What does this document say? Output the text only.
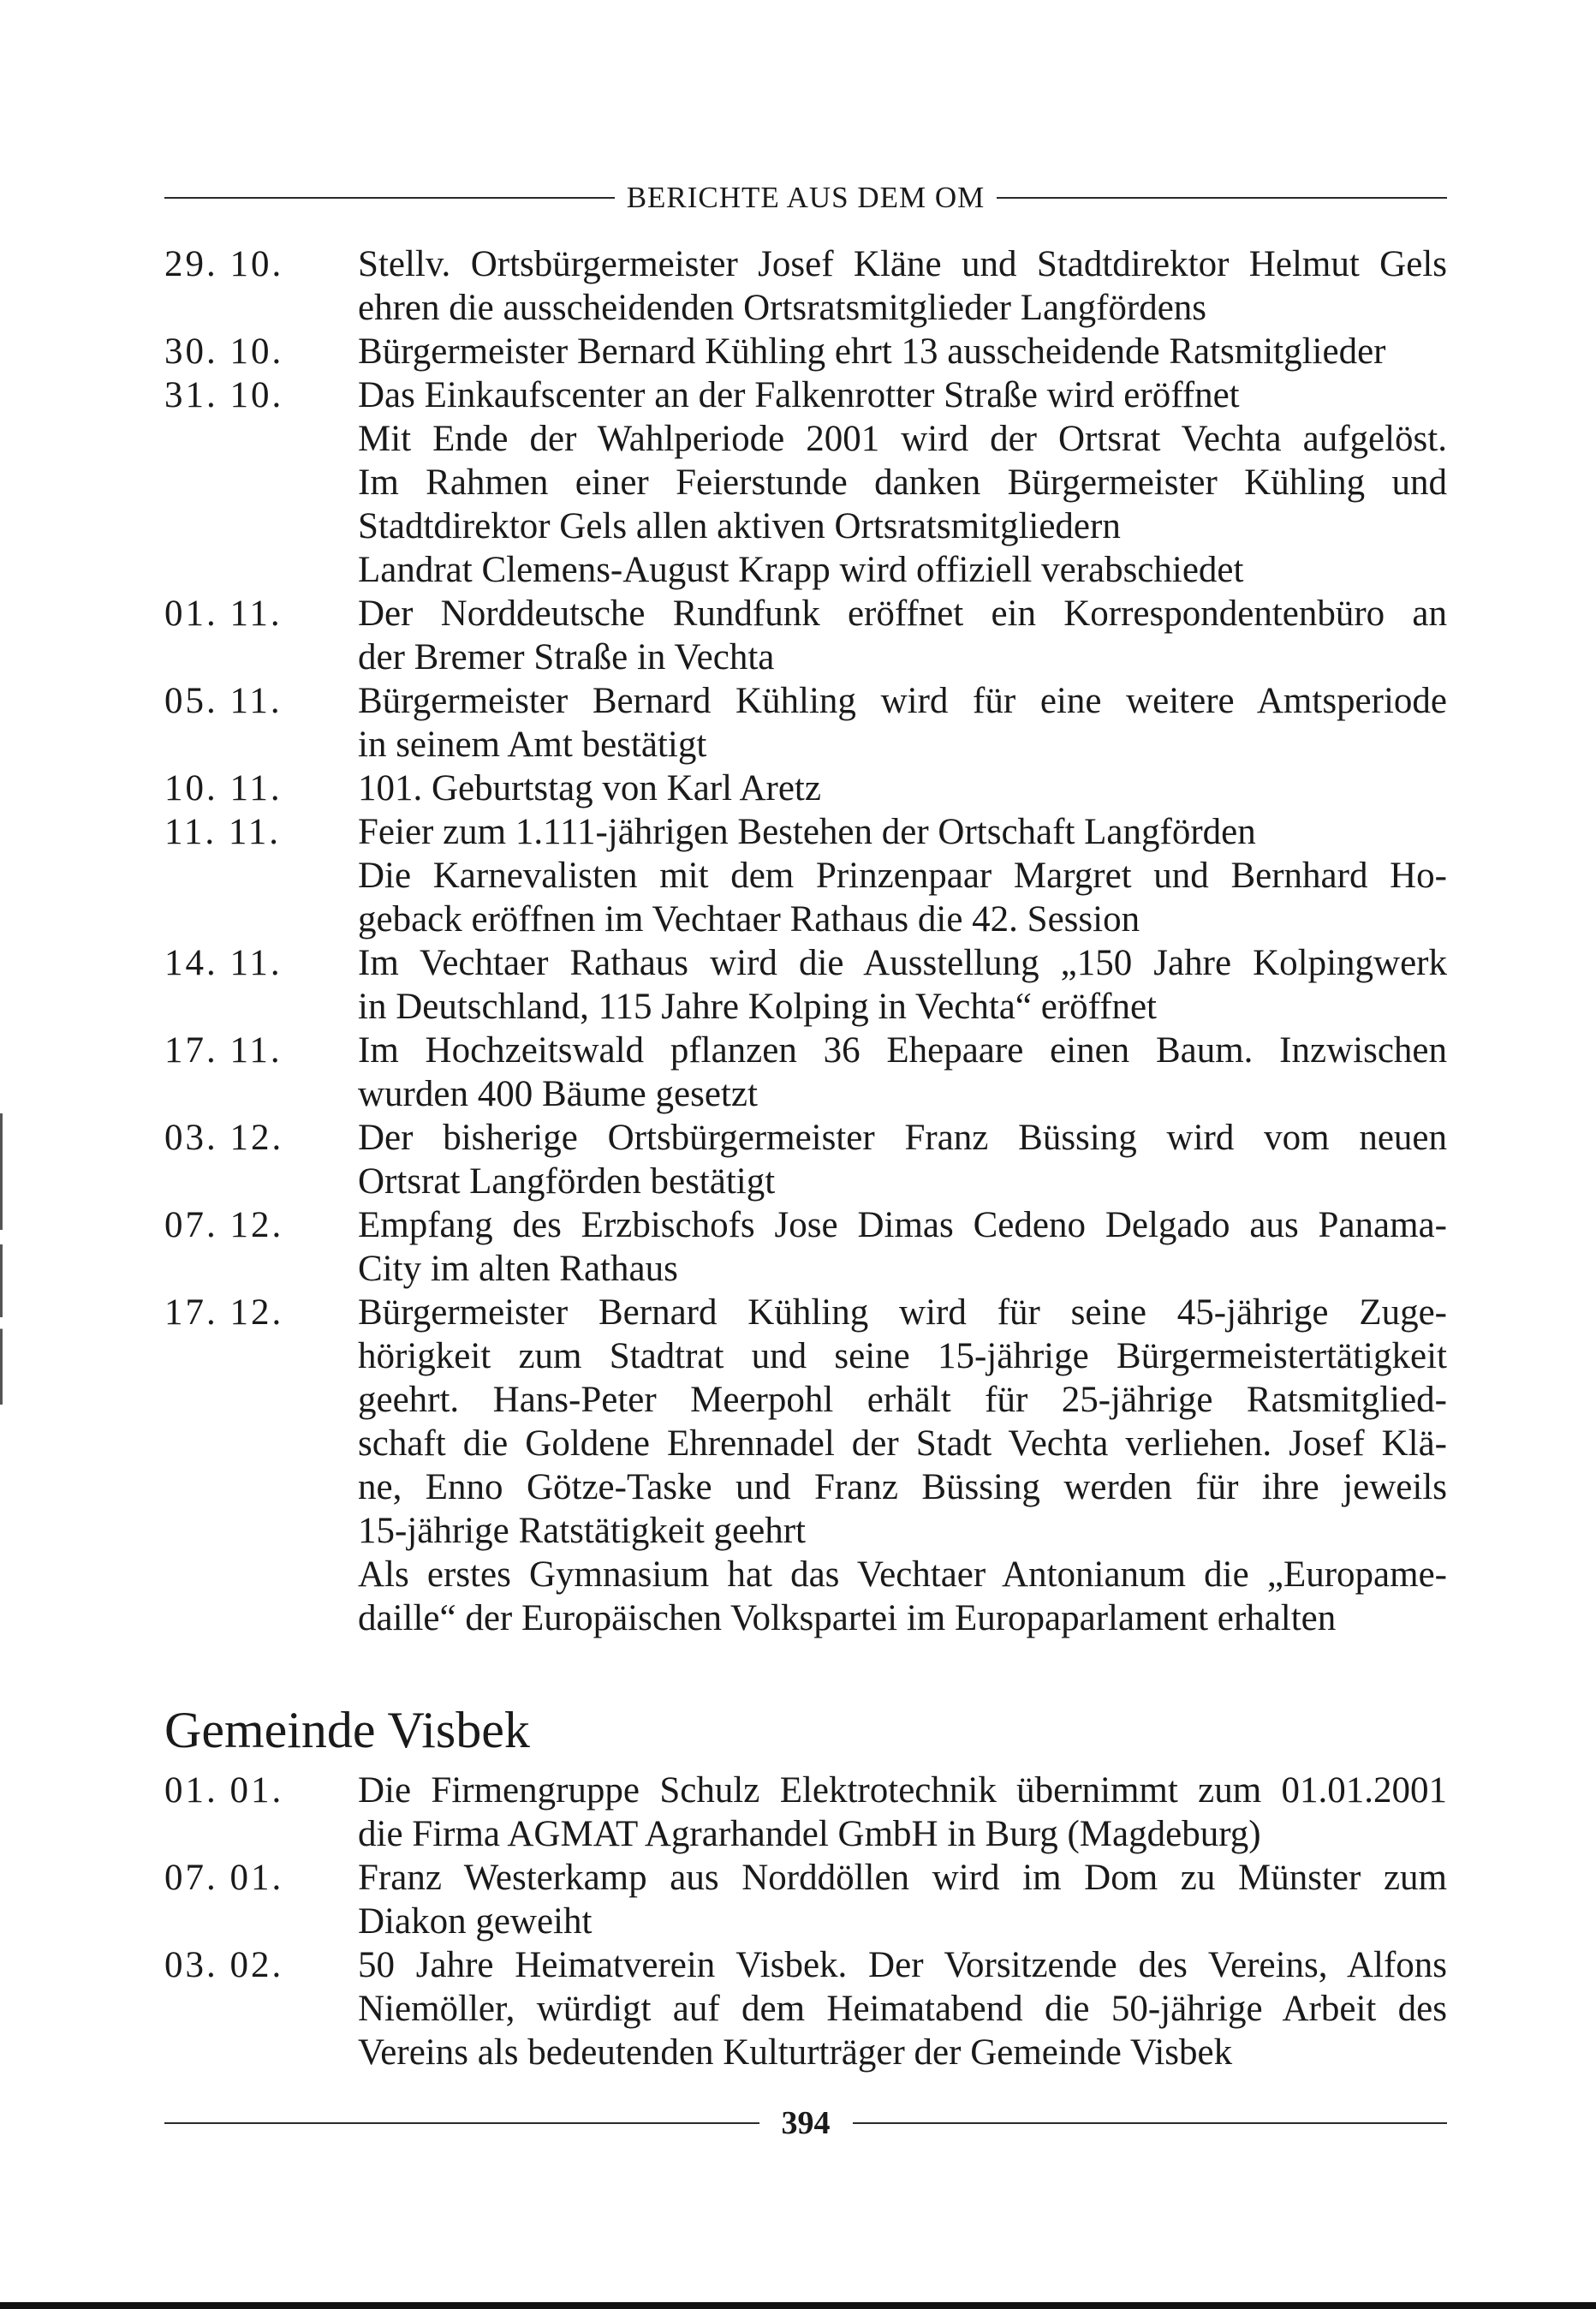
BERICHTE AUS DEM OM
29. 10.	Stellv. Ortsbürgermeister Josef Kläne und Stadtdirektor Helmut Gels
ehren die ausscheidenden Ortsratsmitglieder Langfördens
30. 10.	Bürgermeister Bernard Kühling ehrt 13 ausscheidende Ratsmitglieder
31. 10.	Das Einkaufscenter an der Falkenrotter Straße wird eröffnet
Mit Ende der Wahlperiode 2001 wird der Ortsrat Vechta aufgelöst.
Im Rahmen einer Feierstunde danken Bürgermeister Kühling und
Stadtdirektor Gels allen aktiven Ortsratsmitgliedern
Landrat Clemens-August Krapp wird offiziell verabschiedet
01. 11.	Der Norddeutsche Rundfunk eröffnet ein Korrespondentenbüro an
der Bremer Straße in Vechta
05. 11.	Bürgermeister Bernard Kühling wird für eine weitere Amtsperiode
in seinem Amt bestätigt
10. 11.	101. Geburtstag von Karl Aretz
11. 11.	Feier zum 1.111-jährigen Bestehen der Ortschaft Langförden
Die Karnevalisten mit dem Prinzenpaar Margret und Bernhard Ho-
geback eröffnen im Vechtaer Rathaus die 42. Session
14. 11.	Im Vechtaer Rathaus wird die Ausstellung „150 Jahre Kolpingwerk
in Deutschland, 115 Jahre Kolping in Vechta“ eröffnet
17. 11.	Im Hochzeitswald pflanzen 36 Ehepaare einen Baum. Inzwischen
wurden 400 Bäume gesetzt
03. 12.	Der bisherige Ortsbürgermeister Franz Büssing wird vom neuen
Ortsrat Langförden bestätigt
07. 12.	Empfang des Erzbischofs Jose Dimas Cedeno Delgado aus Panama-
City im alten Rathaus
17. 12.	Bürgermeister Bernard Kühling wird für seine 45-jährige Zuge-
hörigkeit zum Stadtrat und seine 15-jährige Bürgermeistertätigkeit
geehrt. Hans-Peter Meerpohl erhält für 25-jährige Ratsmitglied-
schaft die Goldene Ehrennadel der Stadt Vechta verliehen. Josef Klä-
ne, Enno Götze-Taske und Franz Büssing werden für ihre jeweils
15-jährige Ratstätigkeit geehrt
Als erstes Gymnasium hat das Vechtaer Antonianum die „Europame-
daille“ der Europäischen Volkspartei im Europaparlament erhalten
Gemeinde Visbek
01. 01.	Die Firmengruppe Schulz Elektrotechnik übernimmt zum 01.01.2001
die Firma AGMAT Agrarhandel GmbH in Burg (Magdeburg)
07. 01.	Franz Westerkamp aus Norddöllen wird im Dom zu Münster zum
Diakon geweiht
03. 02.	50 Jahre Heimatverein Visbek. Der Vorsitzende des Vereins, Alfons
Niemöller, würdigt auf dem Heimatabend die 50-jährige Arbeit des
Vereins als bedeutenden Kulturträger der Gemeinde Visbek
394
